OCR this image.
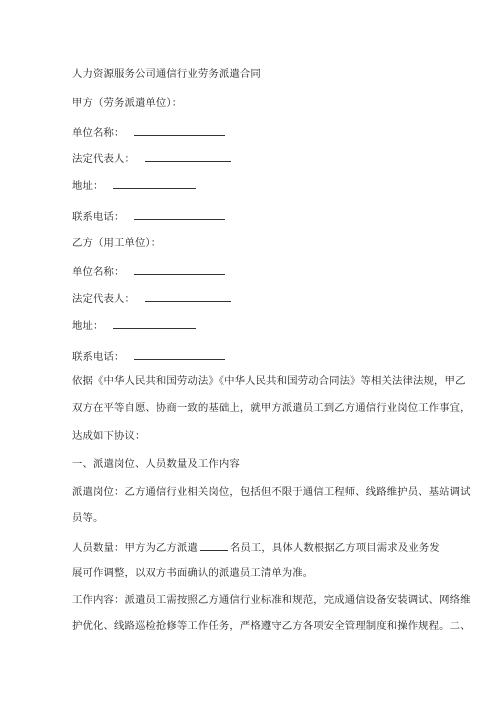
人力资源服务公司通信行业劳务派遣合同
甲方（劳务派遣单位）：
单位名称：
法定代表人：
地址：
联系电话：
乙方（用工单位）：
单位名称：
法定代表人：
地址：
联系电话：
依据《中华人民共和国劳动法》《中华人民共和国劳动合同法》等相关法律法规，甲乙
双方在平等自愿、协商一致的基础上，就甲方派遣员工到乙方通信行业岗位工作事宜，
达成如下协议：
一、派遣岗位、人员数量及工作内容
派遣岗位：乙方通信行业相关岗位，包括但不限于通信工程师、线路维护员、基站调试
员等。
人员数量：甲方为乙方派遣	名员工，具体人数根据乙方项目需求及业务发
展可作调整，以双方书面确认的派遣员工清单为准。
工作内容：派遣员工需按照乙方通信行业标准和规范，完成通信设备安装调试、网络维
护优化、线路巡检抢修等工作任务，严格遵守乙方各项安全管理制度和操作规程。二、
